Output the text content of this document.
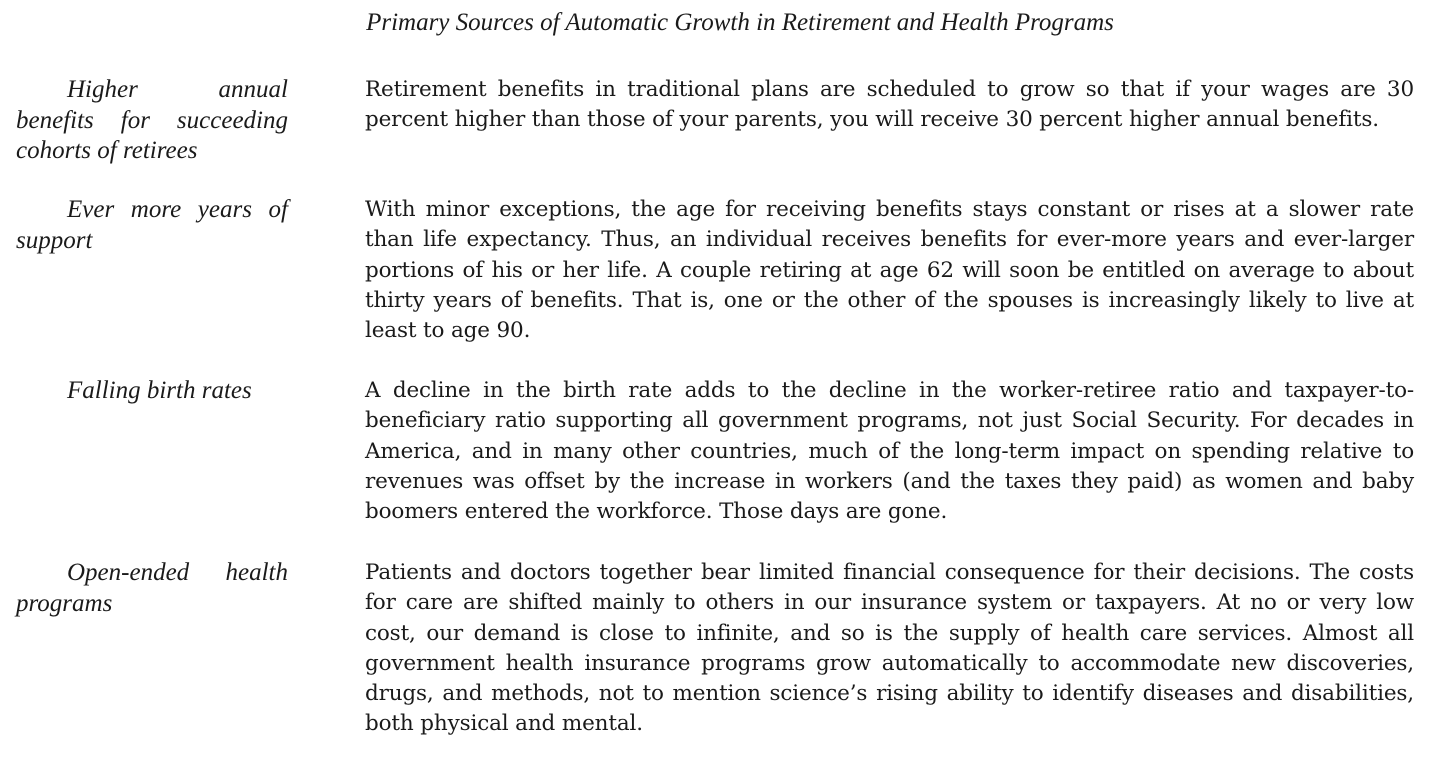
Primary Sources of Automatic Growth in Retirement and Health Programs
Higher annual benefits for succeeding cohorts of retirees
Retirement benefits in traditional plans are scheduled to grow so that if your wages are 30 percent higher than those of your parents, you will receive 30 percent higher annual benefits.
Ever more years of support
With minor exceptions, the age for receiving benefits stays constant or rises at a slower rate than life expectancy. Thus, an individual receives benefits for ever-more years and ever-larger portions of his or her life. A couple retiring at age 62 will soon be entitled on average to about thirty years of benefits. That is, one or the other of the spouses is increasingly likely to live at least to age 90.
Falling birth rates	A decline in the birth rate adds to the decline in the worker-retiree ratio and taxpayer-to-beneficiary ratio supporting all government programs, not just Social Security. For decades in America, and in many other countries, much of the long-term impact on spending relative to revenues was offset by the increase in workers (and the taxes they paid) as women and baby boomers entered the workforce. Those days are gone.
Open-ended health programs
Patients and doctors together bear limited financial consequence for their decisions. The costs for care are shifted mainly to others in our insurance system or taxpayers. At no or very low cost, our demand is close to infinite, and so is the supply of health care services. Almost all government health insurance programs grow automatically to accommodate new discoveries, drugs, and methods, not to mention science’s rising ability to identify diseases and disabilities, both physical and mental.
